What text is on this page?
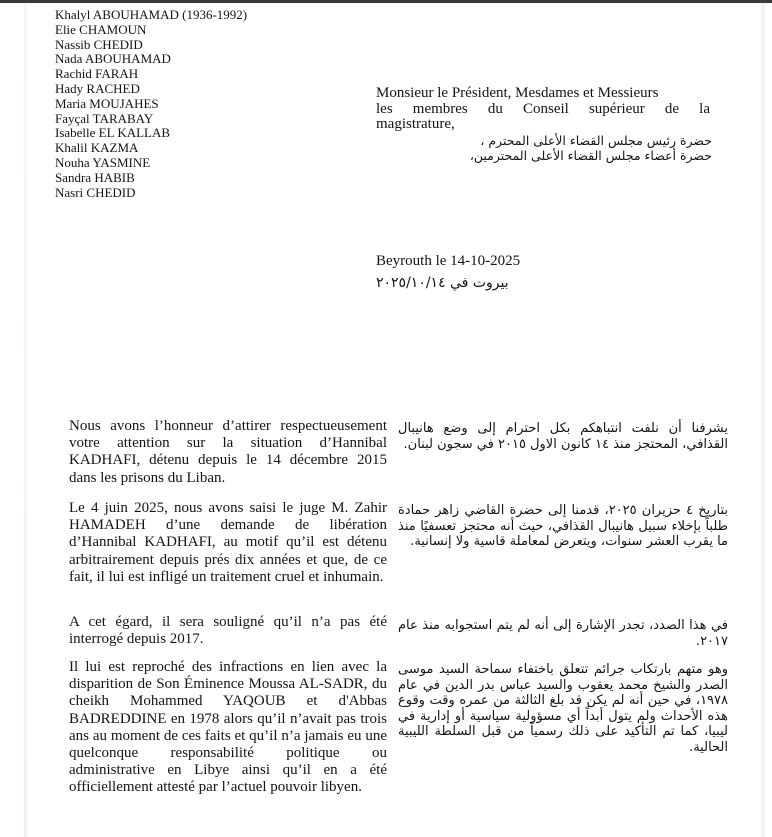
Khalyl ABOUHAMAD (1936-1992)
Elie CHAMOUN
Nassib CHEDID
Nada ABOUHAMAD
Rachid FARAH
Hady RACHED
Maria MOUJAHES
Fayçal TARABAY
Isabelle EL KALLAB
Khalil KAZMA
Nouha YASMINE
Sandra HABIB
Nasri CHEDID
Monsieur le Président, Mesdames et Messieurs
les membres du Conseil supérieur de la
magistrature,
حضرة رئيس مجلس القضاء الأعلى المحترم ،
حضرة أعضاء مجلس القضاء الأعلى المحترمين،
Beyrouth le 14-10-2025
بيروت في ٢٠٢٥/١٠/١٤
Nous avons l’honneur d’attirer respectueusement votre attention sur la situation d’Hannibal KADHAFI, détenu depuis le 14 décembre 2015 dans les prisons du Liban.
يشرفنا أن نلفت انتباهكم بكل احترام إلى وضع هانيبال القذافي، المحتجز منذ ١٤ كانون الاول ٢٠١٥ في سجون لبنان.
Le 4 juin 2025, nous avons saisi le juge M. Zahir HAMADEH d’une demande de libération d’Hannibal KADHAFI, au motif qu’il est détenu arbitrairement depuis prés dix années et que, de ce fait, il lui est infligé un traitement cruel et inhumain.
بتاريخ ٤ حزيران ٢٠٢٥، قدمنا إلى حضرة القاضي زاهر حمادة طلباً بإخلاء سبيل هانيبال القذافي، حيث أنه محتجز تعسفيًا منذ ما يقرب العشر سنوات، ويتعرض لمعاملة قاسية ولا إنسانية.
A cet égard, il sera souligné qu’il n’a pas été interrogé depuis 2017.
في هذا الصدد، تجدر الإشارة إلى أنه لم يتم استجوابه منذ عام ٢٠١٧.
Il lui est reproché des infractions en lien avec la disparition de Son Éminence Moussa AL-SADR, du cheikh Mohammed YAQOUB et d'Abbas BADREDDINE en 1978 alors qu’il n’avait pas trois ans au moment de ces faits et qu’il n’a jamais eu une quelconque responsabilité politique ou administrative en Libye ainsi qu’il en a été officiellement attesté par l’actuel pouvoir libyen.
وهو متهم بارتكاب جرائم تتعلق باختفاء سماحة السيد موسى الصدر والشيخ محمد يعقوب والسيد عباس بدر الدين في عام ١٩٧٨، في حين أنه لم يكن قد بلغ الثالثة من عمره وقت وقوع هذه الأحداث ولم يتول أبداً أي مسؤولية سياسية أو إدارية في ليبيا، كما تم التأكيد على ذلك رسمياً من قبل السلطة الليبية الحالية.
